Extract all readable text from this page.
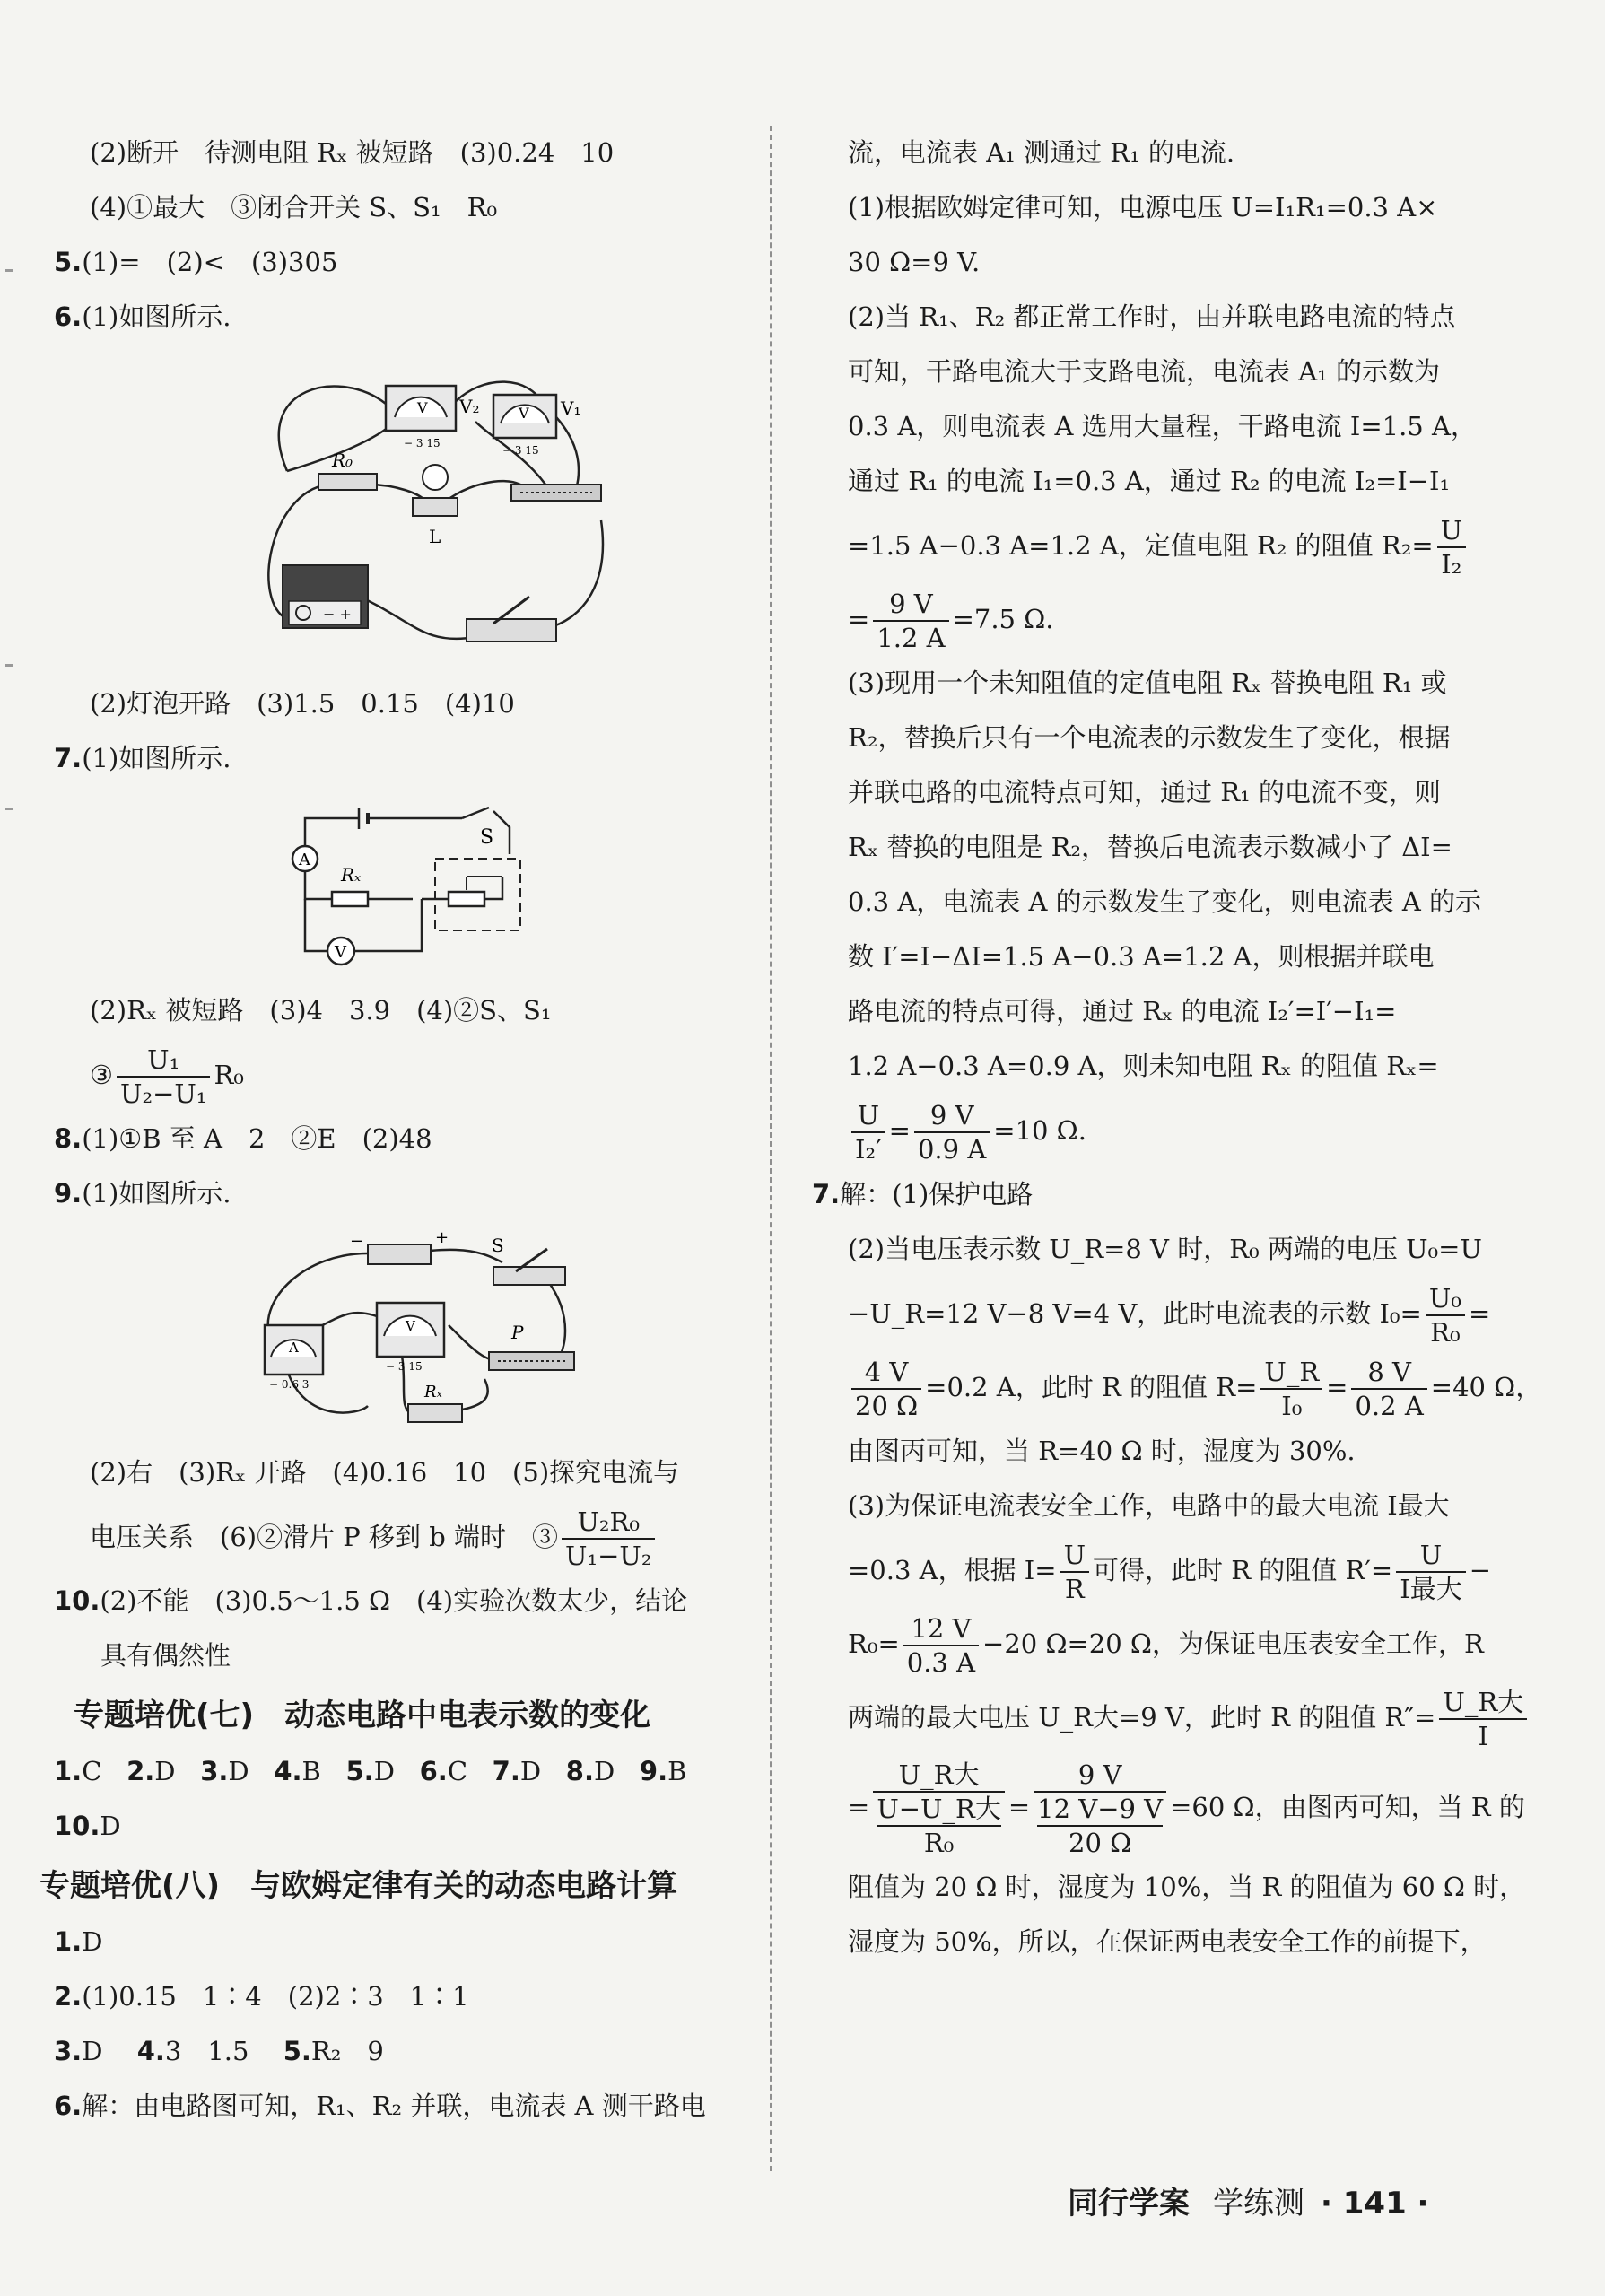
(2)断开　待测电阻 Rₓ 被短路　(3)0.24　10
(4)①最大　③闭合开关 S、S₁　R₀
5.(1)=　(2)<　(3)305
6.(1)如图所示.
V
− 3 15
V₂	V
− 3 15
V₁
R₀
L
− +
(2)灯泡开路　(3)1.5　0.15　(4)10
7.(1)如图所示.
S
A
Rₓ
V
(2)Rₓ 被短路　(3)4　3.9　(4)②S、S₁
③ $\frac{\text{U₁}}{\text{U₂−U₁}} R_0$
8.(1)①B 至 A　2　②E　(2)48
9.(1)如图所示.
−	+ S
A
− 0.6 3
V
− 3 15
P
Rₓ
(2)右　(3)Rₓ 开路　(4)0.16　10　(5)探究电流与
电压关系　(6)②滑片 P 移到 b 端时　③ $\frac{\text{U₂R₀}}{\text{U₁−U₂}}$
10.(2)不能　(3)0.5～1.5 Ω　(4)实验次数太少，结论
具有偶然性
专题培优(七)　动态电路中电表示数的变化
1.C 2.D 3.D 4.B 5.D 6.C 7.D 8.D 9.B
10.D
专题培优(八)　与欧姆定律有关的动态电路计算
1.D
2.(1)0.15　1∶4　(2)2∶3　1∶1
3.D　 4.3　1.5　 5.R₂　9
6.解：由电路图可知，R₁、R₂ 并联，电流表 A 测干路电
流，电流表 A₁ 测通过 R₁ 的电流.
(1)根据欧姆定律可知，电源电压 U=I₁R₁=0.3 A×
30 Ω=9 V.
(2)当 R₁、R₂ 都正常工作时，由并联电路电流的特点
可知，干路电流大于支路电流，电流表 A₁ 的示数为
0.3 A，则电流表 A 选用大量程，干路电流 I=1.5 A，
通过 R₁ 的电流 I₁=0.3 A，通过 R₂ 的电流 I₂=I−I₁
=1.5 A−0.3 A=1.2 A，定值电阻 R₂ 的阻值 $R_2= \frac{U}{\text{I₂}}$
= $\frac{9 V}{1.2 A} =7.5$ Ω.
(3)现用一个未知阻值的定值电阻 Rₓ 替换电阻 R₁ 或
R₂，替换后只有一个电流表的示数发生了变化，根据
并联电路的电流特点可知，通过 R₁ 的电流不变，则
Rₓ 替换的电阻是 R₂，替换后电流表示数减小了 ΔI=
0.3 A，电流表 A 的示数发生了变化，则电流表 A 的示
数 I′=I−ΔI=1.5 A−0.3 A=1.2 A，则根据并联电
路电流的特点可得，通过 Rₓ 的电流 I₂′=I′−I₁=
1.2 A−0.3 A=0.9 A，则未知电阻 Rₓ 的阻值 Rₓ=
$\frac{U}{\text{I₂′}} = \frac{9 V}{0.9 A} =10$ Ω.
7.解：(1)保护电路
(2)当电压表示数 U_R=8 V 时，R₀ 两端的电压 U₀=U
−U_R=12 V−8 V=4 V，此时电流表的示数 $I_0= \frac{\text{U₀}}{\text{R₀}}$ =
$\frac{4 V}{20 \Omega} =0.2$ A，此时 R 的阻值 $R= \frac{U\_R}{\text{I₀}} = \frac{8 V}{0.2 A} =40$ Ω，
由图丙可知，当 R=40 Ω 时，湿度为 30%.
(3)为保证电流表安全工作，电路中的最大电流 I最大
=0.3 A，根据 $I= \frac{U}{R}$ 可得，此时 R 的阻值 R′=
U
I最大
−
$R_0= \frac{12 V}{0.3 A} -20$ Ω=20 Ω，为保证电压表安全工作，R
两端的最大电压 U_R大=9 V，此时 R 的阻值 R″=
U_R大
I
=
U_R大
U−U_R大
R₀
= 9 V
12 V−9 V
20 Ω =60 Ω，由图丙可知，当 R 的
阻值为 20 Ω 时，湿度为 10%，当 R 的阻值为 60 Ω 时，
湿度为 50%，所以，在保证两电表安全工作的前提下，
同行学案 学练测 · 141 ·
